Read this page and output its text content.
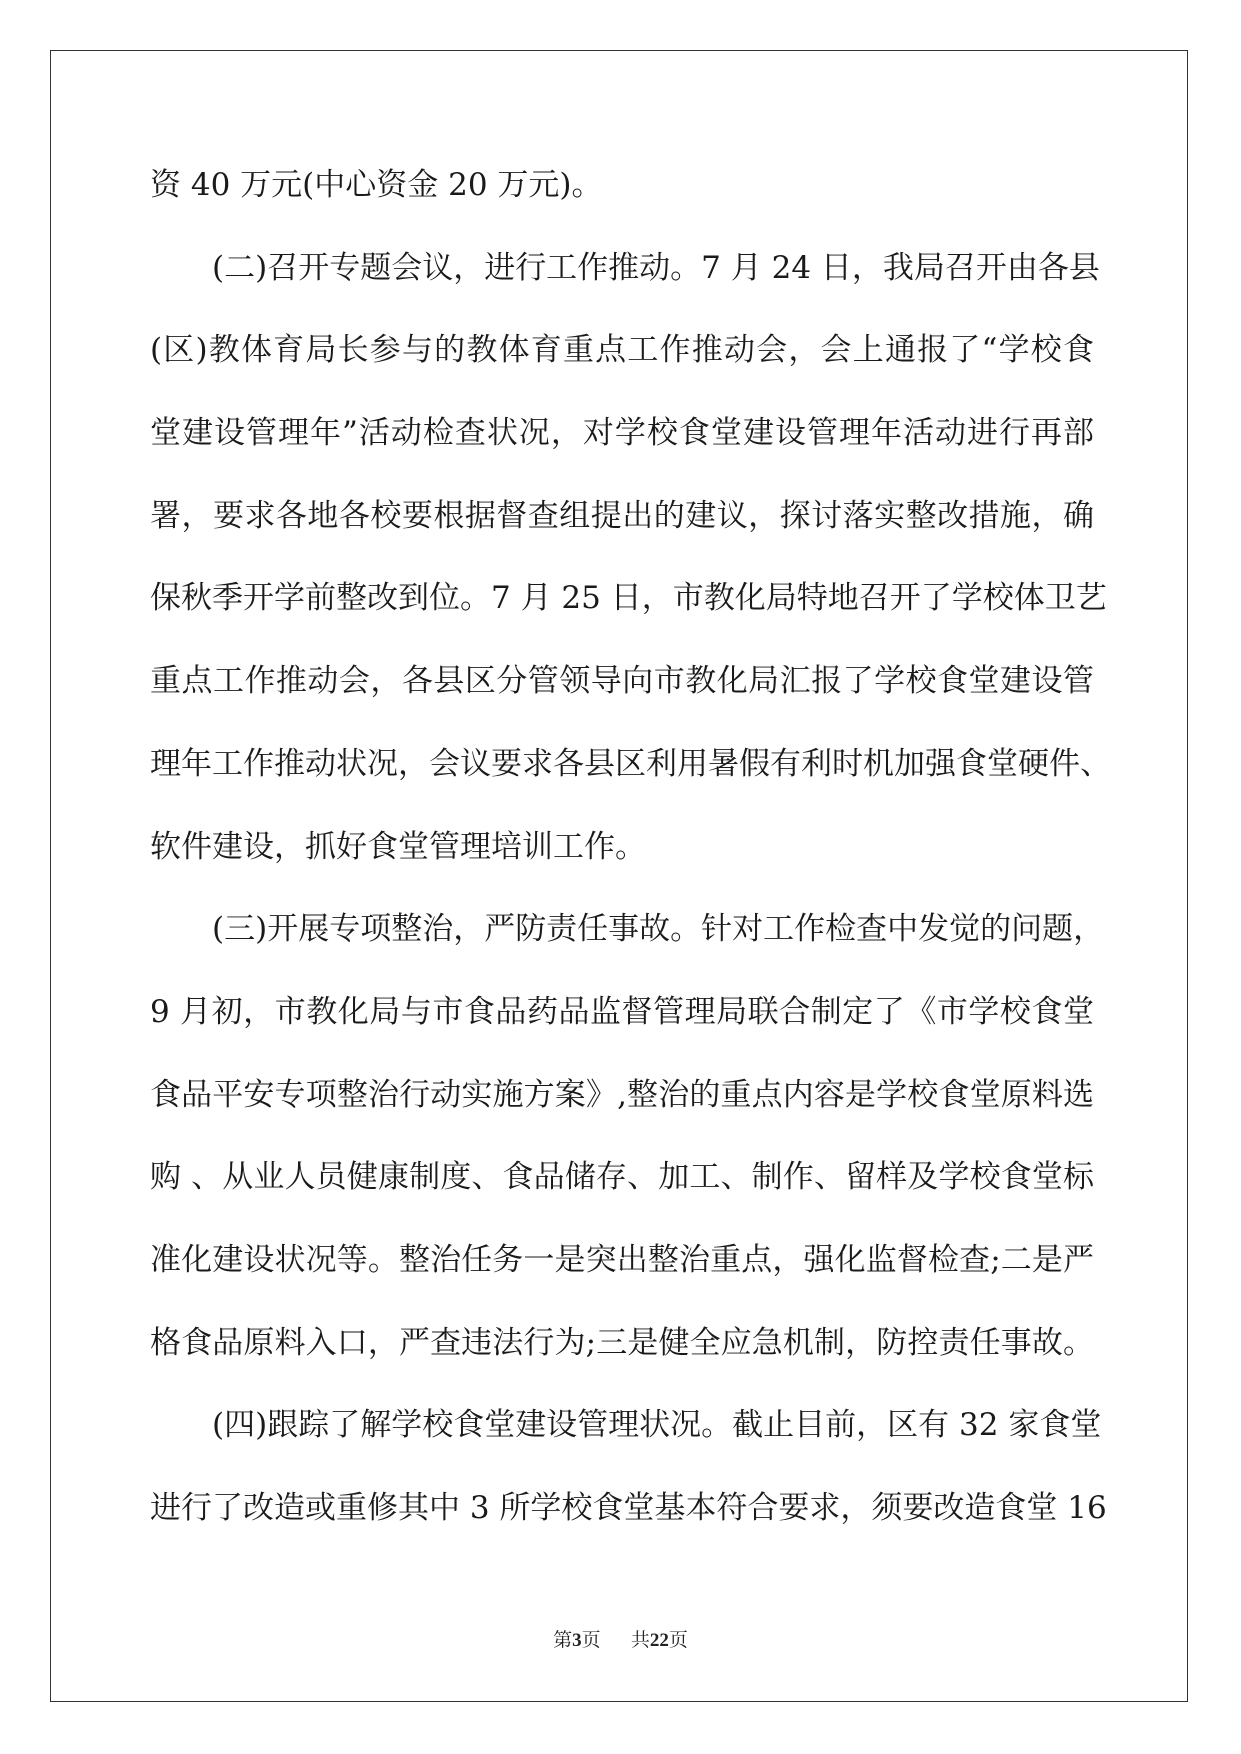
资 40 万元(中心资金 20 万元)。
(二)召开专题会议，进行工作推动。7 月 24 日，我局召开由各县
(区)教体育局长参与的教体育重点工作推动会，会上通报了“学校食
堂建设管理年”活动检查状况，对学校食堂建设管理年活动进行再部
署，要求各地各校要根据督查组提出的建议，探讨落实整改措施，确
保秋季开学前整改到位。7 月 25 日，市教化局特地召开了学校体卫艺
重点工作推动会，各县区分管领导向市教化局汇报了学校食堂建设管
理年工作推动状况，会议要求各县区利用暑假有利时机加强食堂硬件、
软件建设，抓好食堂管理培训工作。
(三)开展专项整治，严防责任事故。针对工作检查中发觉的问题，
9 月初，市教化局与市食品药品监督管理局联合制定了《市学校食堂
食品平安专项整治行动实施方案》,整治的重点内容是学校食堂原料选
购 、从业人员健康制度、食品储存、加工、制作、留样及学校食堂标
准化建设状况等。整治任务一是突出整治重点，强化监督检查;二是严
格食品原料入口，严查违法行为;三是健全应急机制，防控责任事故。
(四)跟踪了解学校食堂建设管理状况。截止目前，区有 32 家食堂
进行了改造或重修其中 3 所学校食堂基本符合要求，须要改造食堂 16
第3页 共22页
